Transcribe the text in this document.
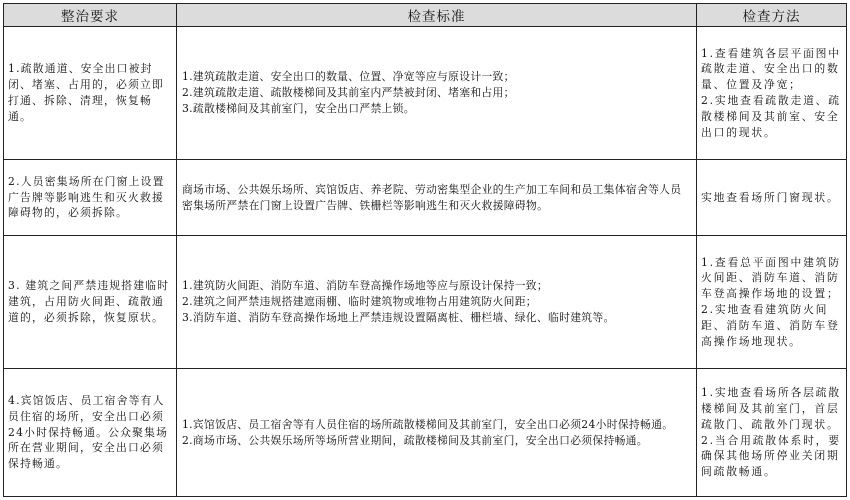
整治要求	检查标准	检查方法
1.疏散通道、安全出口被封闭、堵塞、占用的，必须立即打通、拆除、清理，恢复畅通。	1.建筑疏散走道、安全出口的数量、位置、净宽等应与原设计一致；
2.建筑疏散走道、疏散楼梯间及其前室内严禁被封闭、堵塞和占用；
3.疏散楼梯间及其前室门，安全出口严禁上锁。	1.查看建筑各层平面图中疏散走道、安全出口的数量、位置及净宽；
2.实地查看疏散走道、疏散楼梯间及其前室、安全出口的现状。

2.人员密集场所在门窗上设置广告牌等影响逃生和灭火救援障碍物的，必须拆除。	商场市场、公共娱乐场所、宾馆饭店、养老院、劳动密集型企业的生产加工车间和员工集体宿舍等人员密集场所严禁在门窗上设置广告牌、铁栅栏等影响逃生和灭火救援障碍物。	实地查看场所门窗现状。

3. 建筑之间严禁违规搭建临时建筑，占用防火间距、疏散通道的，必须拆除，恢复原状。	1.建筑防火间距、消防车道、消防车登高操作场地等应与原设计保持一致；
2.建筑之间严禁违规搭建遮雨棚、临时建筑物或堆物占用建筑防火间距；
3.消防车道、消防车登高操作场地上严禁违规设置隔离桩、栅栏墙、绿化、临时建筑等。	1.查看总平面图中建筑防火间距、消防车道、消防车登高操作场地的设置；
2.实地查看建筑防火间距、消防车道、消防车登高操作场地现状。

4.宾馆饭店、员工宿舍等有人员住宿的场所，安全出口必须24小时保持畅通。公众聚集场所在营业期间，安全出口必须保持畅通。	1.宾馆饭店、员工宿舍等有人员住宿的场所疏散楼梯间及其前室门，安全出口必须24小时保持畅通。
2.商场市场、公共娱乐场所等场所营业期间，疏散楼梯间及其前室门，安全出口必须保持畅通。	1.实地查看场所各层疏散楼梯间及其前室门，首层疏散门、疏散外门现状。
2.当合用疏散体系时，要确保其他场所停业关闭期间疏散畅通。
